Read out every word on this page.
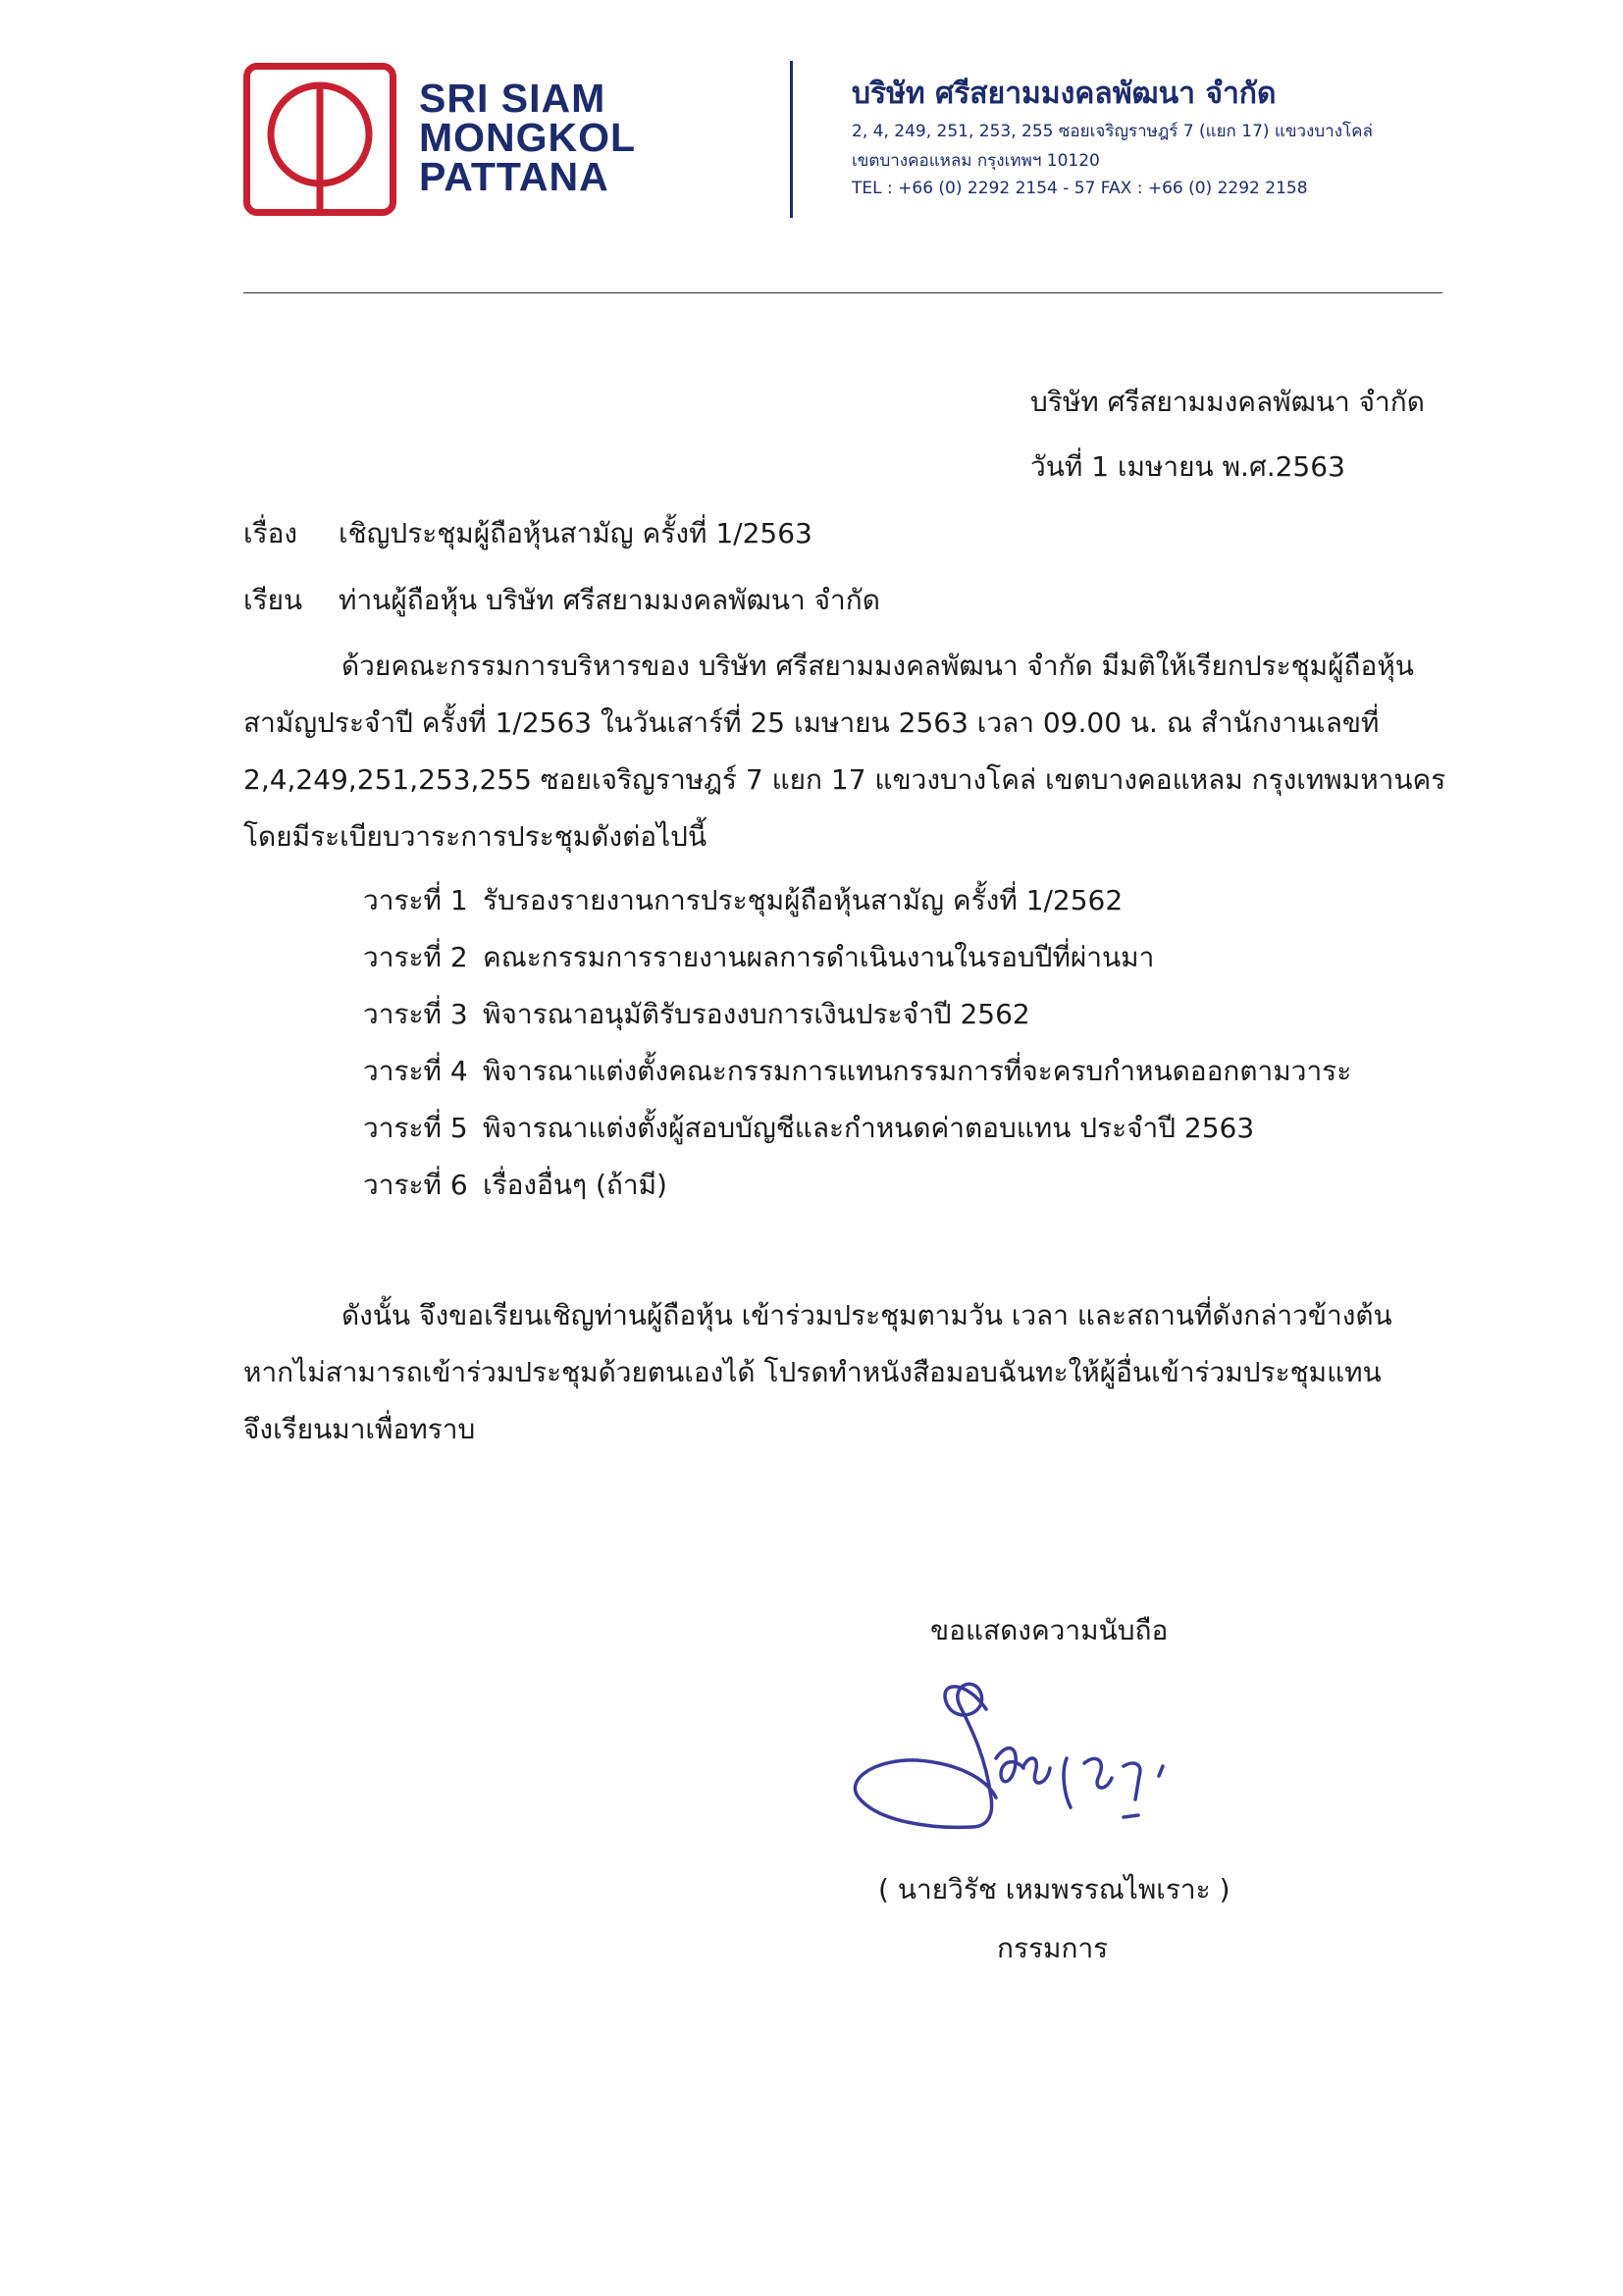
SRI SIAM
MONGKOL
PATTANA
บริษัท ศรีสยามมงคลพัฒนา จำกัด
2, 4, 249, 251, 253, 255 ซอยเจริญราษฎร์ 7 (แยก 17) แขวงบางโคล่
เขตบางคอแหลม กรุงเทพฯ 10120
TEL : +66 (0) 2292 2154 - 57 FAX : +66 (0) 2292 2158
บริษัท ศรีสยามมงคลพัฒนา จำกัด
วันที่ 1 เมษายน พ.ศ.2563
เรื่อง เชิญประชุมผู้ถือหุ้นสามัญ ครั้งที่ 1/2563
เรียน ท่านผู้ถือหุ้น บริษัท ศรีสยามมงคลพัฒนา จำกัด
ด้วยคณะกรรมการบริหารของ บริษัท ศรีสยามมงคลพัฒนา จำกัด มีมติให้เรียกประชุมผู้ถือหุ้น
สามัญประจำปี ครั้งที่ 1/2563 ในวันเสาร์ที่ 25 เมษายน 2563 เวลา 09.00 น. ณ สำนักงานเลขที่
2,4,249,251,253,255 ซอยเจริญราษฎร์ 7 แยก 17 แขวงบางโคล่ เขตบางคอแหลม กรุงเทพมหานคร
โดยมีระเบียบวาระการประชุมดังต่อไปนี้
วาระที่ 1 รับรองรายงานการประชุมผู้ถือหุ้นสามัญ ครั้งที่ 1/2562
วาระที่ 2 คณะกรรมการรายงานผลการดำเนินงานในรอบปีที่ผ่านมา
วาระที่ 3 พิจารณาอนุมัติรับรองงบการเงินประจำปี 2562
วาระที่ 4 พิจารณาแต่งตั้งคณะกรรมการแทนกรรมการที่จะครบกำหนดออกตามวาระ
วาระที่ 5 พิจารณาแต่งตั้งผู้สอบบัญชีและกำหนดค่าตอบแทน ประจำปี 2563
วาระที่ 6 เรื่องอื่นๆ (ถ้ามี)
ดังนั้น จึงขอเรียนเชิญท่านผู้ถือหุ้น เข้าร่วมประชุมตามวัน เวลา และสถานที่ดังกล่าวข้างต้น
หากไม่สามารถเข้าร่วมประชุมด้วยตนเองได้ โปรดทำหนังสือมอบฉันทะให้ผู้อื่นเข้าร่วมประชุมแทน
จึงเรียนมาเพื่อทราบ
ขอแสดงความนับถือ
( นายวิรัช เหมพรรณไพเราะ )
กรรมการ
